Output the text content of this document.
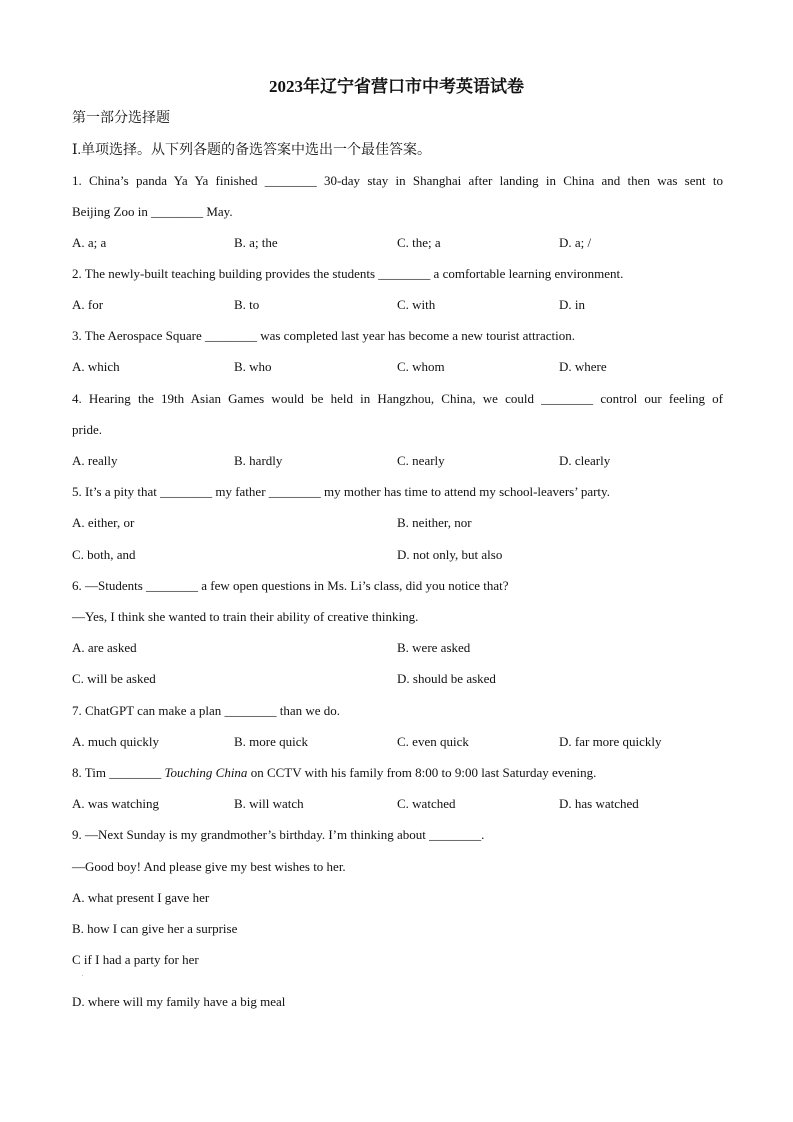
2023年辽宁省营口市中考英语试卷
第一部分选择题
Ⅰ.单项选择。从下列各题的备选答案中选出一个最佳答案。
1. China’s panda Ya Ya finished ________ 30-day stay in Shanghai after landing in China and then was sent to
Beijing Zoo in ________ May.
A. a; a	B. a; the	C. the; a	D. a; /
2. The newly-built teaching building provides the students ________ a comfortable learning environment.
A. for	B. to	C. with	D. in
3. The Aerospace Square ________ was completed last year has become a new tourist attraction.
A. which	B. who	C. whom	D. where
4. Hearing the 19th Asian Games would be held in Hangzhou, China, we could ________ control our feeling of
pride.
A. really	B. hardly	C. nearly	D. clearly
5. It’s a pity that ________ my father ________ my mother has time to attend my school-leavers’ party.
A. either, or	B. neither, nor
C. both, and	D. not only, but also
6. —Students ________ a few open questions in Ms. Li’s class, did you notice that?
—Yes, I think she wanted to train their ability of creative thinking.
A. are asked	B. were asked
C. will be asked	D. should be asked
7. ChatGPT can make a plan ________ than we do.
A. much quickly	B. more quick	C. even quick	D. far more quickly
8. Tim ________ Touching China on CCTV with his family from 8:00 to 9:00 last Saturday evening.
A. was watching	B. will watch	C. watched	D. has watched
9. —Next Sunday is my grandmother’s birthday. I’m thinking about ________.
—Good boy! And please give my best wishes to her.
A. what present I gave her
B. how I can give her a surprise
C if I had a party for her
.
D. where will my family have a big meal
